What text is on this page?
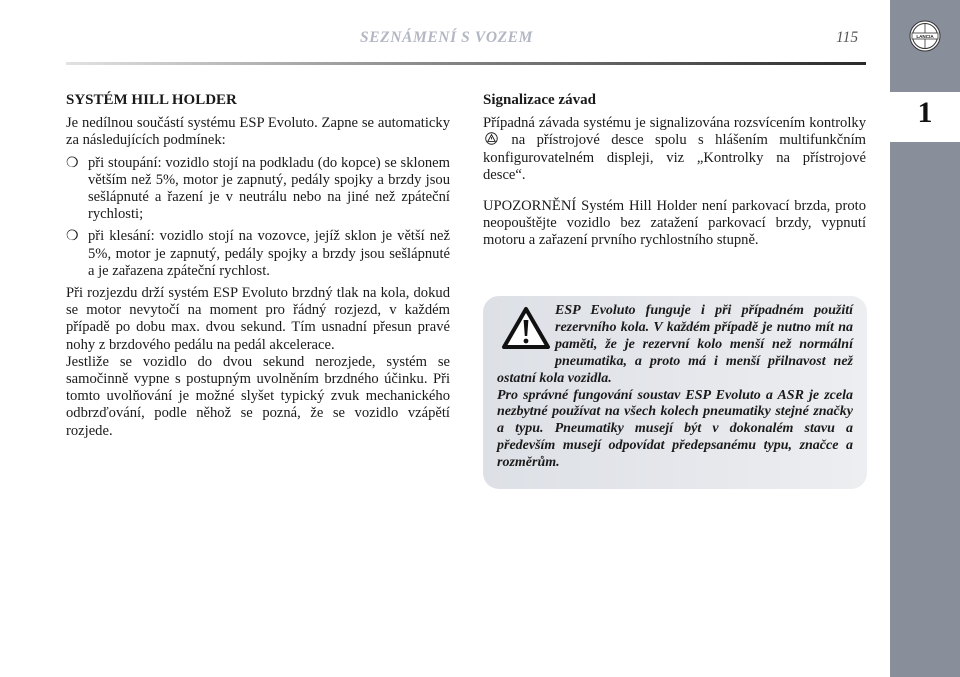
SEZNÁMENÍ S VOZEM	115
1
LANCIA
SYSTÉM HILL HOLDER

Je nedílnou součástí systému ESP Evoluto. Zapne se automaticky za následujících podmínek:

❍ při stoupání: vozidlo stojí na podkladu (do kopce) se sklonem větším než 5%, motor je zapnutý, pedály spojky a brzdy jsou sešlápnuté a řazení je v neutrálu nebo na jiné než zpáteční rychlosti;
❍ při klesání: vozidlo stojí na vozovce, jejíž sklon je větší než 5%, motor je zapnutý, pedály spojky a brzdy jsou sešlápnuté a je zařazena zpáteční rychlost.

Při rozjezdu drží systém ESP Evoluto brzdný tlak na kola, dokud se motor nevytočí na moment pro řádný rozjezd, v každém případě po dobu max. dvou sekund. Tím usnadní přesun pravé nohy z brzdového pedálu na pedál akcelerace.

Jestliže se vozidlo do dvou sekund nerozjede, systém se samočinně vypne s postupným uvolněním brzdného účinku. Při tomto uvolňování je možné slyšet typický zvuk mechanického odbrzďování, podle něhož se pozná, že se vozidlo vzápětí rozjede.

Signalizace závad

Případná závada systému je signalizována rozsvícením kontrolky  na přístrojové desce spolu s hlášením multifunkčním konfigurovatelném displeji, viz „Kontrolky na přístrojové desce“.

UPOZORNĚNÍ Systém Hill Holder není parkovací brzda, proto neopouštějte vozidlo bez zatažení parkovací brzdy, vypnutí motoru a zařazení prvního rychlostního stupně.

ESP Evoluto funguje i při případném použití rezervního kola. V každém případě je nutno mít na paměti, že je rezervní kolo menší než normální pneumatika, a proto má i menší přilnavost než ostatní kola vozidla.

Pro správné fungování soustav ESP Evoluto a ASR je zcela nezbytné používat na všech kolech pneumatiky stejné značky a typu. Pneumatiky musejí být v dokonalém stavu a především musejí odpovídat předepsanému typu, značce a rozměrům.
